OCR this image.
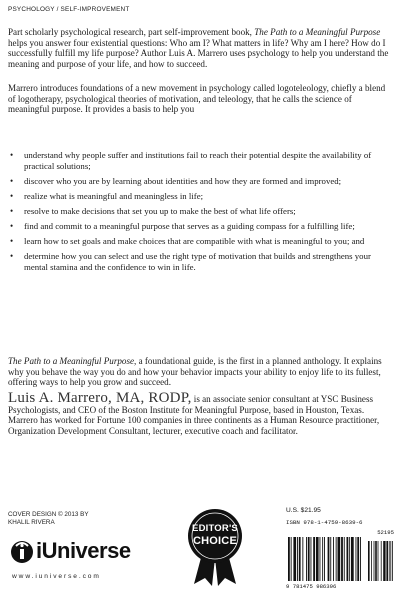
PSYCHOLOGY / SELF-IMPROVEMENT
Part scholarly psychological research, part self-improvement book, The Path to a Meaningful Purpose helps you answer four existential questions: Who am I? What matters in life? Why am I here? How do I successfully fulfill my life purpose? Author Luis A. Marrero uses psychology to help you understand the meaning and purpose of your life, and how to succeed.
Marrero introduces foundations of a new movement in psychology called logoteleology, chiefly a blend of logotherapy, psychological theories of motivation, and teleology, that he calls the science of meaningful purpose. It provides a basis to help you
• understand why people suffer and institutions fail to reach their potential despite the availability of practical solutions;
• discover who you are by learning about identities and how they are formed and improved;
• realize what is meaningful and meaningless in life;
• resolve to make decisions that set you up to make the best of what life offers;
• find and commit to a meaningful purpose that serves as a guiding compass for a fulfilling life;
• learn how to set goals and make choices that are compatible with what is meaningful to you; and
• determine how you can select and use the right type of motivation that builds and strengthens your mental stamina and the confidence to win in life.
The Path to a Meaningful Purpose, a foundational guide, is the first in a planned anthology. It explains why you behave the way you do and how your behavior impacts your ability to enjoy life to its fullest, offering ways to help you grow and succeed.
Luis A. Marrero, MA, RODP, is an associate senior consultant at YSC Business Psychologists, and CEO of the Boston Institute for Meaningful Purpose, based in Houston, Texas. Marrero has worked for Fortune 100 companies in three continents as a Human Resource practitioner, Organization Development Consultant, lecturer, executive coach and facilitator.
COVER DESIGN © 2013 BY
KHALIL RIVERA
iUniverse
www.iuniverse.com
EDITOR'S
CHOICE
U.S. $21.95
ISBN 978-1-4759-8639-6
52195
9 781475 986396
